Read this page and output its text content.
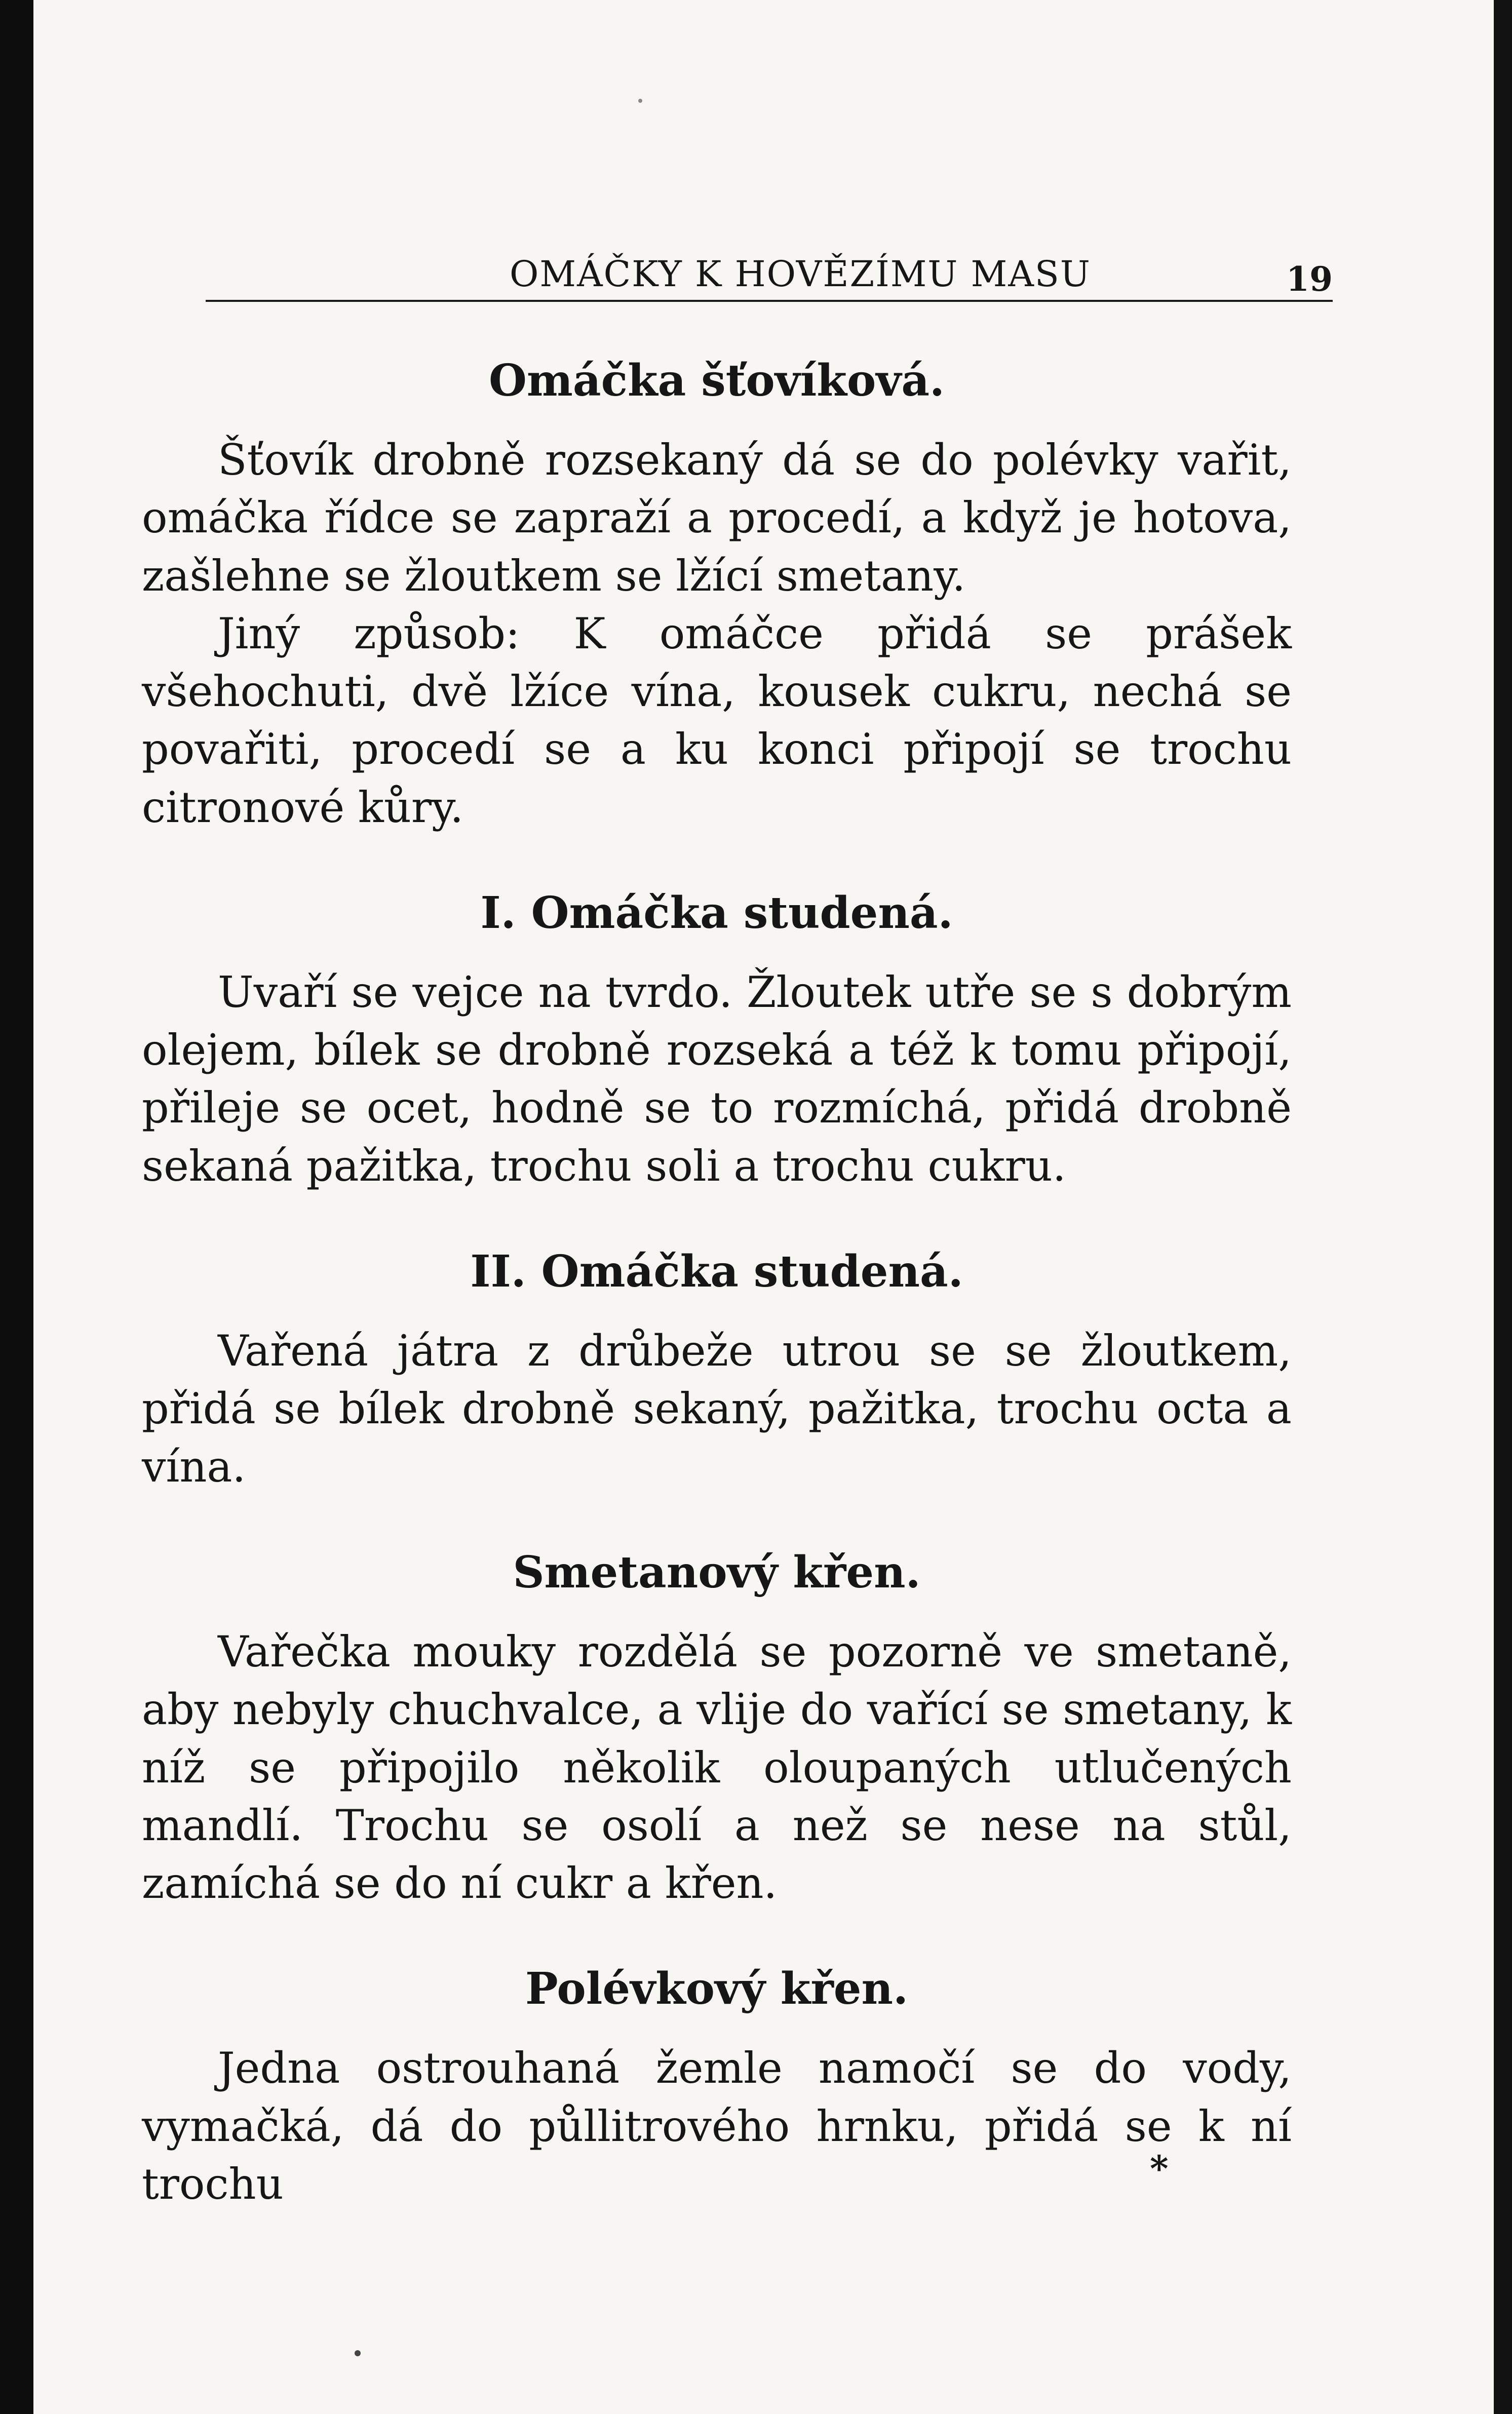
OMÁČKY K HOVĚZÍMU MASU	19
Omáčka šťovíková.

Šťovík drobně rozsekaný dá se do polévky vařit, omáčka řídce se zapraží a procedí, a když je hotova, zašlehne se žloutkem se lžící smetany.

Jiný způsob: K omáčce přidá se prášek všehochuti, dvě lžíce vína, kousek cukru, nechá se povařiti, procedí se a ku konci připojí se trochu citronové kůry.

I. Omáčka studená.

Uvaří se vejce na tvrdo. Žloutek utře se s dobrým olejem, bílek se drobně rozseká a též k tomu připojí, přileje se ocet, hodně se to rozmíchá, přidá drobně sekaná pažitka, trochu soli a trochu cukru.

II. Omáčka studená.

Vařená játra z drůbeže utrou se se žloutkem, přidá se bílek drobně sekaný, pažitka, trochu octa a vína.

Smetanový křen.

Vařečka mouky rozdělá se pozorně ve smetaně, aby nebyly chuchvalce, a vlije do vařící se smetany, k níž se připojilo několik oloupaných utlučených mandlí. Trochu se osolí a než se nese na stůl, zamíchá se do ní cukr a křen.

Polévkový křen.

Jedna ostrouhaná žemle namočí se do vody, vymačká, dá do půllitrového hrnku, přidá se k ní trochu	*
